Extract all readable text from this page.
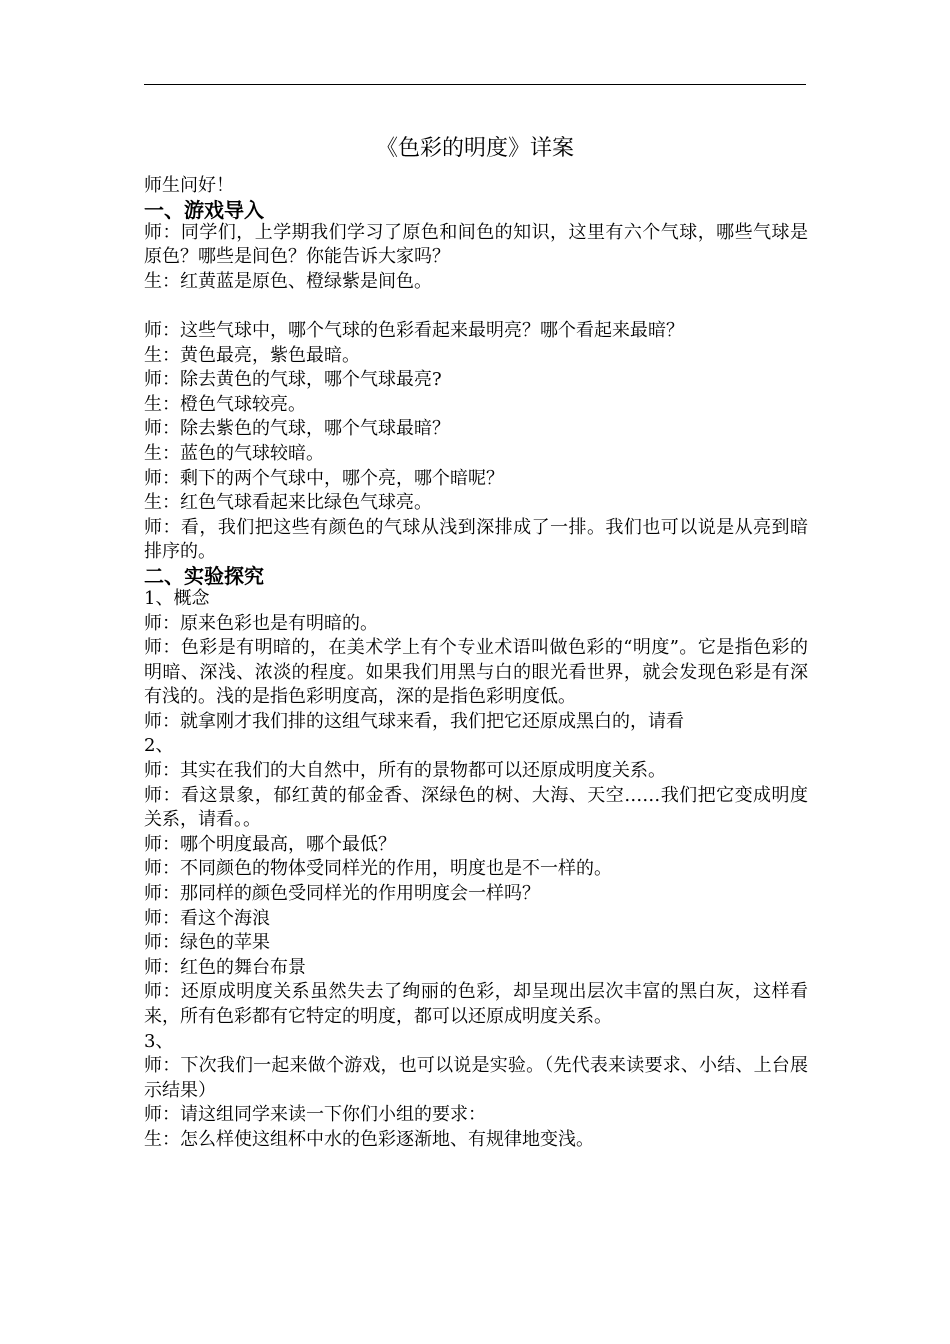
《色彩的明度》详案

师生问好！

一、游戏导入

师：同学们，上学期我们学习了原色和间色的知识，这里有六个气球，哪些气球是原色？哪些是间色？你能告诉大家吗？

生：红黄蓝是原色、橙绿紫是间色。

师：这些气球中，哪个气球的色彩看起来最明亮？哪个看起来最暗？

生：黄色最亮，紫色最暗。

师：除去黄色的气球，哪个气球最亮?

生：橙色气球较亮。

师：除去紫色的气球，哪个气球最暗？

生：蓝色的气球较暗。

师：剩下的两个气球中，哪个亮，哪个暗呢？

生：红色气球看起来比绿色气球亮。

师：看，我们把这些有颜色的气球从浅到深排成了一排。我们也可以说是从亮到暗排序的。

二、实验探究

1、概念

师：原来色彩也是有明暗的。

师：色彩是有明暗的，在美术学上有个专业术语叫做色彩的“明度”。它是指色彩的明暗、深浅、浓淡的程度。如果我们用黑与白的眼光看世界，就会发现色彩是有深有浅的。浅的是指色彩明度高，深的是指色彩明度低。

师：就拿刚才我们排的这组气球来看，我们把它还原成黑白的，请看

2、

师：其实在我们的大自然中，所有的景物都可以还原成明度关系。

师：看这景象，郁红黄的郁金香、深绿色的树、大海、天空……我们把它变成明度关系，请看。。

师：哪个明度最高，哪个最低？

师：不同颜色的物体受同样光的作用，明度也是不一样的。

师：那同样的颜色受同样光的作用明度会一样吗？

师：看这个海浪

师：绿色的苹果

师：红色的舞台布景

师：还原成明度关系虽然失去了绚丽的色彩，却呈现出层次丰富的黑白灰，这样看来，所有色彩都有它特定的明度，都可以还原成明度关系。

3、

师：下次我们一起来做个游戏，也可以说是实验。（先代表来读要求、小结、上台展示结果）

师：请这组同学来读一下你们小组的要求：

生：怎么样使这组杯中水的色彩逐渐地、有规律地变浅。
